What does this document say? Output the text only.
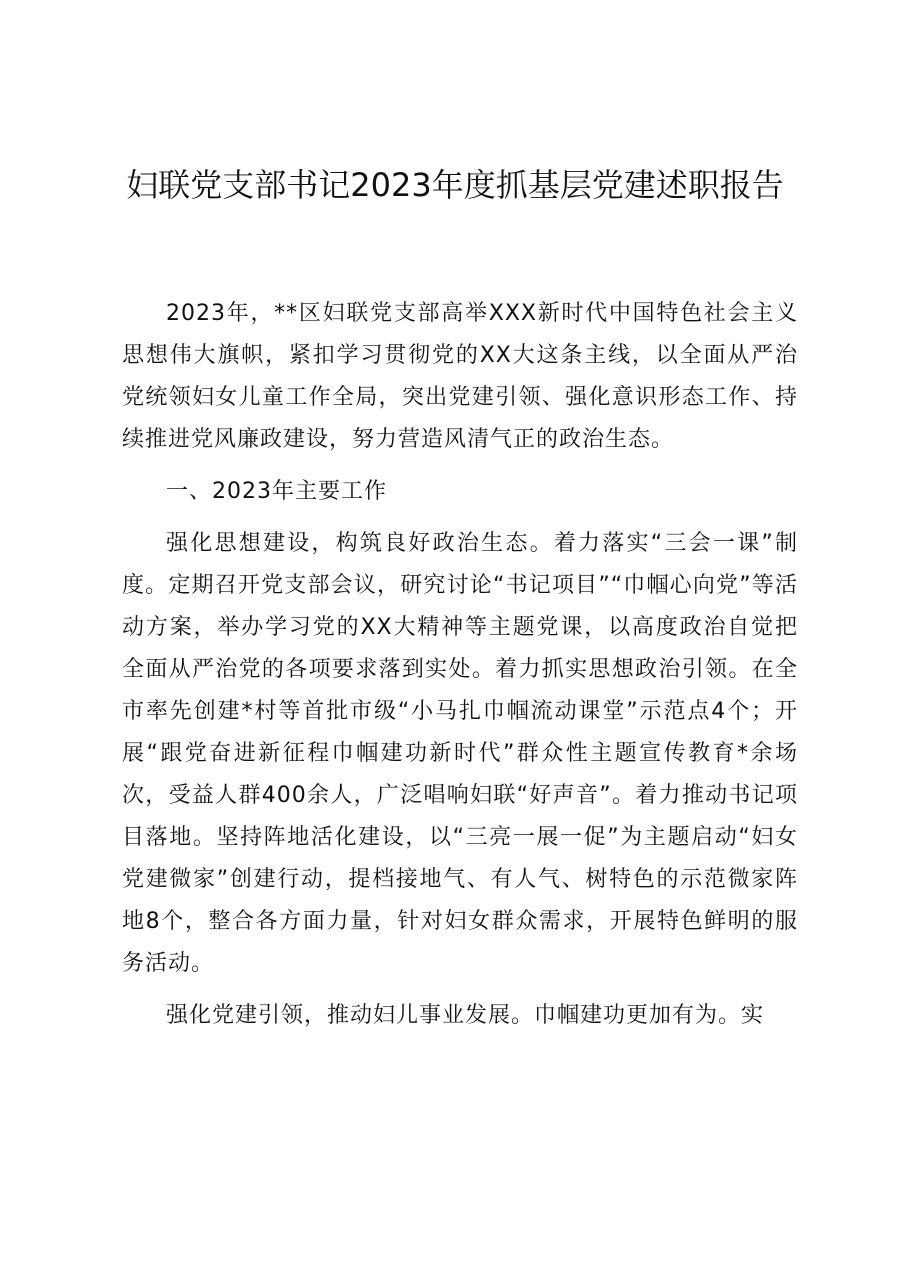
妇联党支部书记2023年度抓基层党建述职报告

2023年，**区妇联党支部高举XXX新时代中国特色社会主义思想伟大旗帜，紧扣学习贯彻党的XX大这条主线，以全面从严治党统领妇女儿童工作全局，突出党建引领、强化意识形态工作、持续推进党风廉政建设，努力营造风清气正的政治生态。

一、2023年主要工作

强化思想建设，构筑良好政治生态。着力落实“三会一课”制度。定期召开党支部会议，研究讨论“书记项目”“巾帼心向党”等活动方案，举办学习党的XX大精神等主题党课，以高度政治自觉把全面从严治党的各项要求落到实处。着力抓实思想政治引领。在全市率先创建*村等首批市级“小马扎巾帼流动课堂”示范点4个；开展“跟党奋进新征程巾帼建功新时代”群众性主题宣传教育*余场次，受益人群400余人，广泛唱响妇联“好声音”。着力推动书记项目落地。坚持阵地活化建设，以“三亮一展一促”为主题启动“妇女党建微家”创建行动，提档接地气、有人气、树特色的示范微家阵地8个，整合各方面力量，针对妇女群众需求，开展特色鲜明的服务活动。

强化党建引领，推动妇儿事业发展。巾帼建功更加有为。实
